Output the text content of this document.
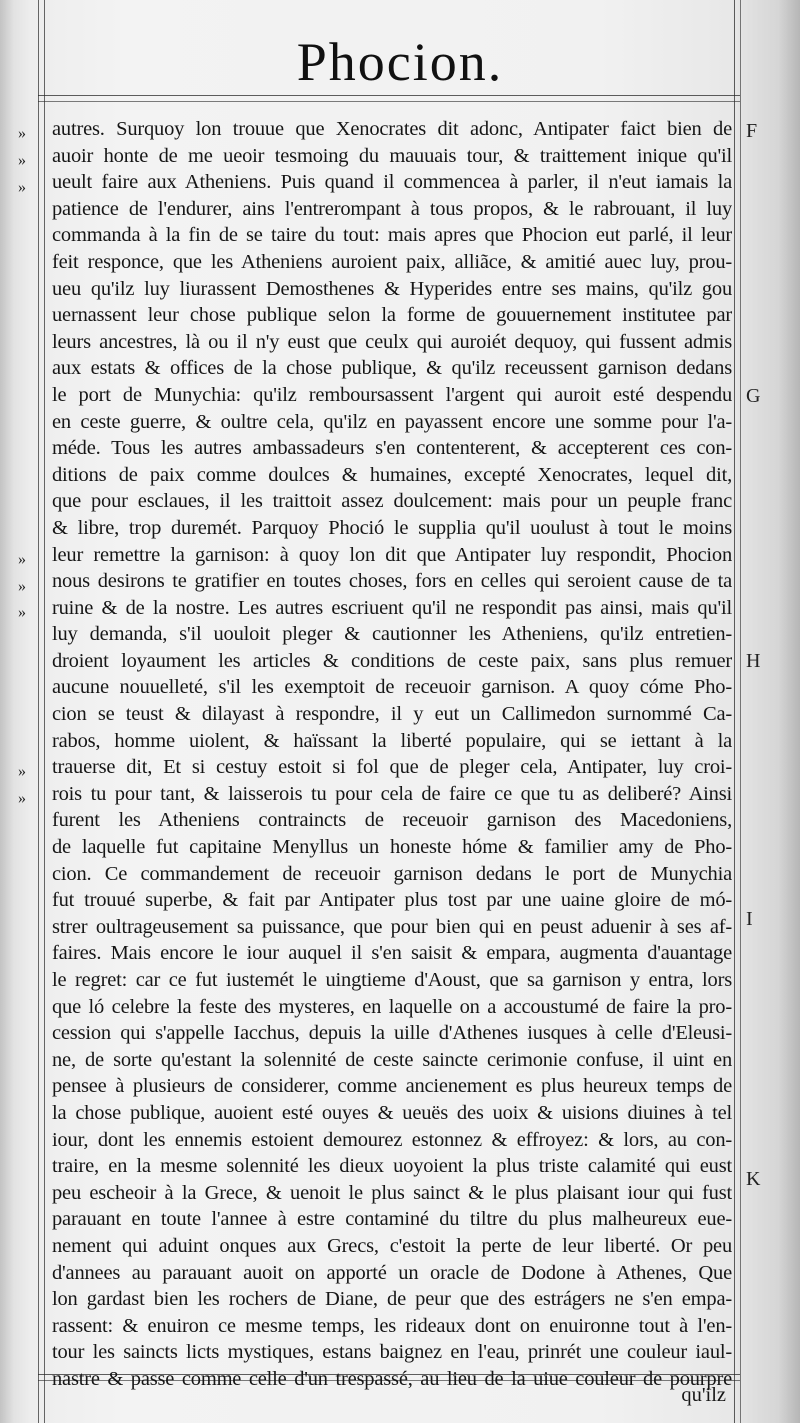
Phocion.
autres. Surquoy lon trouue que Xenocrates dit adonc, Antipater faict bien de
auoir honte de me ueoir tesmoing du mauuais tour, & traittement inique qu'il
ueult faire aux Atheniens. Puis quand il commencea à parler, il n'eut iamais la
patience de l'endurer, ains l'entrerompant à tous propos, & le rabrouant, il luy
commanda à la fin de se taire du tout: mais apres que Phocion eut parlé, il leur
feit responce, que les Atheniens auroient paix, alliãce, & amitié auec luy, prou-
ueu qu'ilz luy liurassent Demosthenes & Hyperides entre ses mains, qu'ilz gou
uernassent leur chose publique selon la forme de gouuernement institutee par
leurs ancestres, là ou il n'y eust que ceulx qui auroiét dequoy, qui fussent admis
aux estats & offices de la chose publique, & qu'ilz receussent garnison dedans
le port de Munychia: qu'ilz remboursassent l'argent qui auroit esté despendu
en ceste guerre, & oultre cela, qu'ilz en payassent encore une somme pour l'a-
méde. Tous les autres ambassadeurs s'en contenterent, & accepterent ces con-
ditions de paix comme doulces & humaines, excepté Xenocrates, lequel dit,
que pour esclaues, il les traittoit assez doulcement: mais pour un peuple franc
& libre, trop duremét. Parquoy Phoció le supplia qu'il uoulust à tout le moins
leur remettre la garnison: à quoy lon dit que Antipater luy respondit, Phocion
nous desirons te gratifier en toutes choses, fors en celles qui seroient cause de ta
ruine & de la nostre. Les autres escriuent qu'il ne respondit pas ainsi, mais qu'il
luy demanda, s'il uouloit pleger & cautionner les Atheniens, qu'ilz entretien-
droient loyaument les articles & conditions de ceste paix, sans plus remuer
aucune nouuelleté, s'il les exemptoit de receuoir garnison. A quoy cóme Pho-
cion se teust & dilayast à respondre, il y eut un Callimedon surnommé Ca-
rabos, homme uiolent, & haïssant la liberté populaire, qui se iettant à la
trauerse dit, Et si cestuy estoit si fol que de pleger cela, Antipater, luy croi-
rois tu pour tant, & laisserois tu pour cela de faire ce que tu as deliberé? Ainsi
furent les Atheniens contraincts de receuoir garnison des Macedoniens,
de laquelle fut capitaine Menyllus un honeste hóme & familier amy de Pho-
cion. Ce commandement de receuoir garnison dedans le port de Munychia
fut trouué superbe, & fait par Antipater plus tost par une uaine gloire de mó-
strer oultrageusement sa puissance, que pour bien qui en peust aduenir à ses af-
faires. Mais encore le iour auquel il s'en saisit & empara, augmenta d'auantage
le regret: car ce fut iustemét le uingtieme d'Aoust, que sa garnison y entra, lors
que ló celebre la feste des mysteres, en laquelle on a accoustumé de faire la pro-
cession qui s'appelle Iacchus, depuis la uille d'Athenes iusques à celle d'Eleusi-
ne, de sorte qu'estant la solennité de ceste saincte cerimonie confuse, il uint en
pensee à plusieurs de considerer, comme ancienement es plus heureux temps de
la chose publique, auoient esté ouyes & ueuës des uoix & uisions diuines à tel
iour, dont les ennemis estoient demourez estonnez & effroyez: & lors, au con-
traire, en la mesme solennité les dieux uoyoient la plus triste calamité qui eust
peu escheoir à la Grece, & uenoit le plus sainct & le plus plaisant iour qui fust
parauant en toute l'annee à estre contaminé du tiltre du plus malheureux eue-
nement qui aduint onques aux Grecs, c'estoit la perte de leur liberté. Or peu
d'annees au parauant auoit on apporté un oracle de Dodone à Athenes, Que
lon gardast bien les rochers de Diane, de peur que des estrágers ne s'en empa-
rassent: & enuiron ce mesme temps, les rideaux dont on enuironne tout à l'en-
tour les saincts licts mystiques, estans baignez en l'eau, prinrét une couleur iaul-
nastre & passe comme celle d'un trespassé, au lieu de la uiue couleur de pourpre
»
»
»
»
»
»
»
»
F
G
H
I
K
qu'ilz
